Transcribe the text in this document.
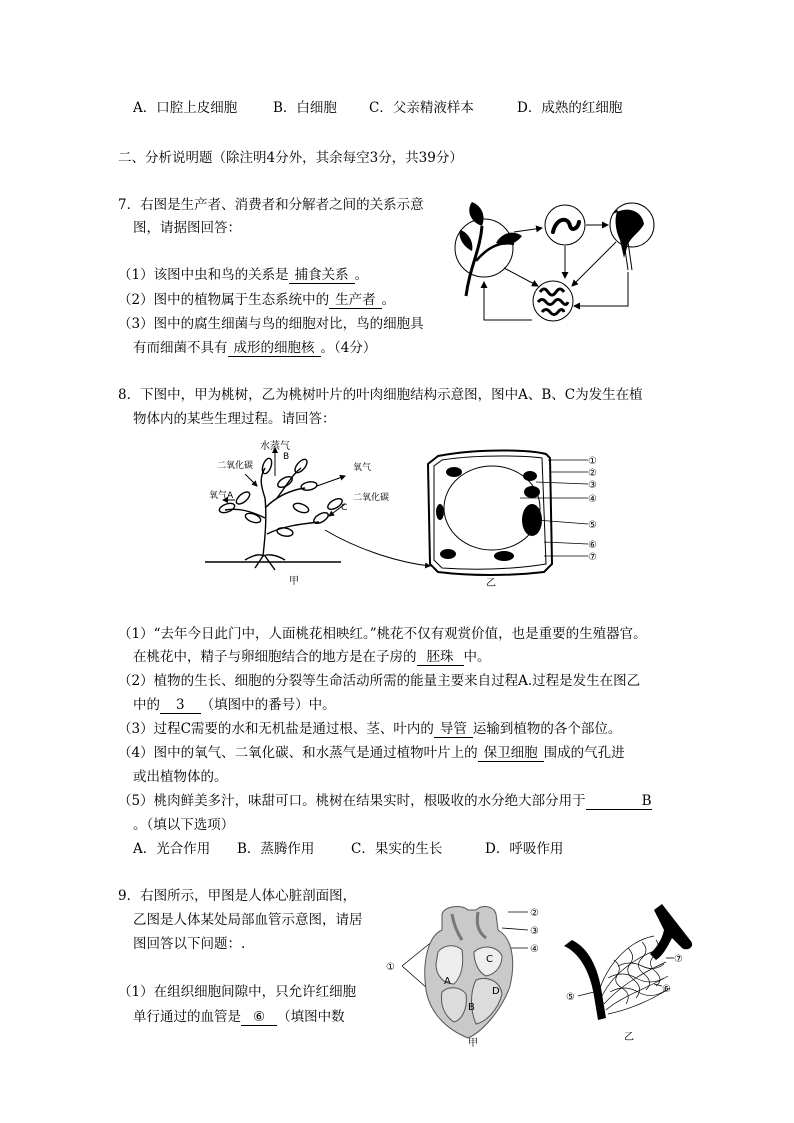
A．口腔上皮细胞	B．白细胞 C．父亲精液样本	D．成熟的红细胞
二、分析说明题（除注明4分外，其余每空3分，共39分）
7．右图是生产者、消费者和分解者之间的关系示意
图，请据图回答：
（1）该图中虫和鸟的关系是 捕食关系 。
（2）图中的植物属于生态系统中的 生产者 。
（3）图中的腐生细菌与鸟的细胞对比，鸟的细胞具
有而细菌不具有 成形的细胞核 。（4分）
8．下图中，甲为桃树，乙为桃树叶片的叶肉细胞结构示意图，图中A、B、C为发生在植
物体内的某些生理过程。请回答：
水蒸气
B
二氧化碳	氧气
氧气A
C
二氧化碳
甲
①
②
③
④
⑤
⑥
⑦
乙
（1）“去年今日此门中，人面桃花相映红。”桃花不仅有观赏价值，也是重要的生殖器官。
在桃花中，精子与卵细胞结合的地方是在子房的 胚珠 中。
（2）植物的生长、细胞的分裂等生命活动所需的能量主要来自过程A.过程是发生在图乙
中的 3 （填图中的番号）中。
（3）过程C需要的水和无机盐是通过根、茎、叶内的 导管 运输到植物的各个部位。
（4）图中的氧气、二氧化碳、和水蒸气是通过植物叶片上的 保卫细胞 围成的气孔进
或出植物体的。
（5）桃肉鲜美多汁，味甜可口。桃树在结果实时，根吸收的水分绝大部分用于	B
。（填以下选项）
A．光合作用 B．蒸腾作用	C．果实的生长	D．呼吸作用
9．右图所示，甲图是人体心脏剖面图，
乙图是人体某处局部血管示意图，请居
图回答以下问题：.
（1）在组织细胞间隙中，只允许红细胞
单行通过的血管是 ⑥ （填图中数
②
③
④
①
A
C
B
D
甲
⑤
⑥
⑦
乙
